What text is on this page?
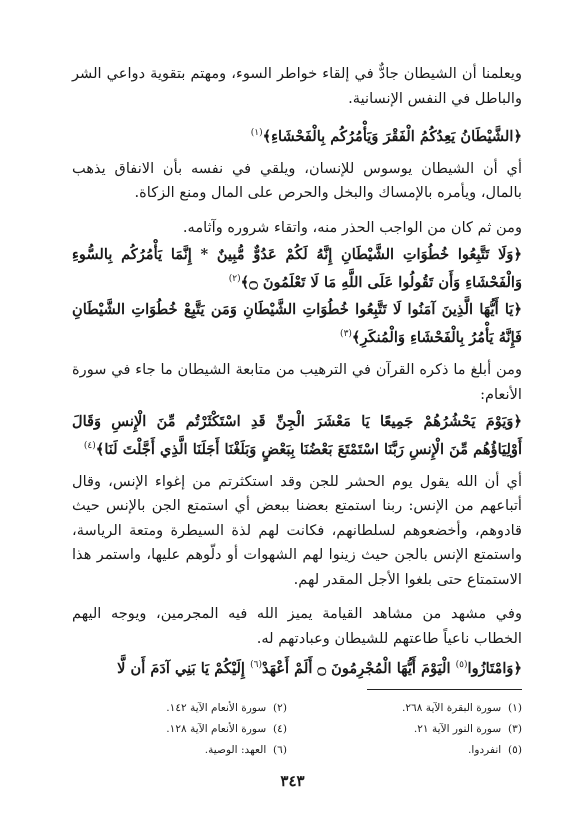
ويعلمنا أن الشيطان جادٌّ في إلقاء خواطر السوء، ومهتم بتقوية دواعي الشر والباطل في النفس الإنسانية.

﴿الشَّيْطَانُ يَعِدُكُمُ الْفَقْرَ وَيَأْمُرُكُم بِالْفَحْشَاءِ﴾$^{(١)}$

أي أن الشيطان يوسوس للإنسان، ويلقي في نفسه بأن الانفاق يذهب بالمال، ويأمره بالإمساك والبخل والحرص على المال ومنع الزكاة.

ومن ثم كان من الواجب الحذر منه، واتقاء شروره وآثامه.

﴿وَلَا تَتَّبِعُوا خُطُوَاتِ الشَّيْطَانِ إِنَّهُ لَكُمْ عَدُوٌّ مُّبِينٌ * إِنَّمَا يَأْمُرُكُم بِالسُّوءِ وَالْفَحْشَاءِ وَأَن تَقُولُوا عَلَى اللَّهِ مَا لَا تَعْلَمُونَ ۝﴾$^{(٢)}$

﴿يَا أَيُّهَا الَّذِينَ آمَنُوا لَا تَتَّبِعُوا خُطُوَاتِ الشَّيْطَانِ وَمَن يَتَّبِعْ خُطُوَاتِ الشَّيْطَانِ فَإِنَّهُ يَأْمُرُ بِالْفَحْشَاءِ وَالْمُنكَرِ﴾$^{(٣)}$

ومن أبلغ ما ذكره القرآن في الترهيب من متابعة الشيطان ما جاء في سورة الأنعام:

﴿وَيَوْمَ يَحْشُرُهُمْ جَمِيعًا يَا مَعْشَرَ الْجِنِّ قَدِ اسْتَكْثَرْتُم مِّنَ الْإِنسِ وَقَالَ أَوْلِيَاؤُهُم مِّنَ الْإِنسِ رَبَّنَا اسْتَمْتَعَ بَعْضُنَا بِبَعْضٍ وَبَلَغْنَا أَجَلَنَا الَّذِي أَجَّلْتَ لَنَا﴾$^{(٤)}$

أي أن الله يقول يوم الحشر للجن وقد استكثرتم من إغواء الإنس، وقال أتباعهم من الإنس: ربنا استمتع بعضنا ببعض أي استمتع الجن بالإنس حيث قادوهم، وأخضعوهم لسلطانهم، فكانت لهم لذة السيطرة ومتعة الرياسة، واستمتع الإنس بالجن حيث زينوا لهم الشهوات أو دلّوهم عليها، واستمر هذا الاستمتاع حتى بلغوا الأجل المقدر لهم.

وفي مشهد من مشاهد القيامة يميز الله فيه المجرمين، ويوجه اليهم الخطاب ناعياً طاعتهم للشيطان وعبادتهم له.

﴿وَامْتَازُوا$^{(٥)}$ الْيَوْمَ أَيُّهَا الْمُجْرِمُونَ ۝ أَلَمْ أَعْهَدْ$^{(٦)}$ إِلَيْكُمْ يَا بَنِي آدَمَ أَن لَّا

(١)  سورة البقرة الآية ٢٦٨.
(٢)  سورة الأنعام الآية ١٤٢.
(٣)  سورة النور الآية ٢١.
(٤)  سورة الأنعام الآية ١٢٨.
(٥)  انفردوا.
(٦)  العهد: الوصية.
٣٤٣
